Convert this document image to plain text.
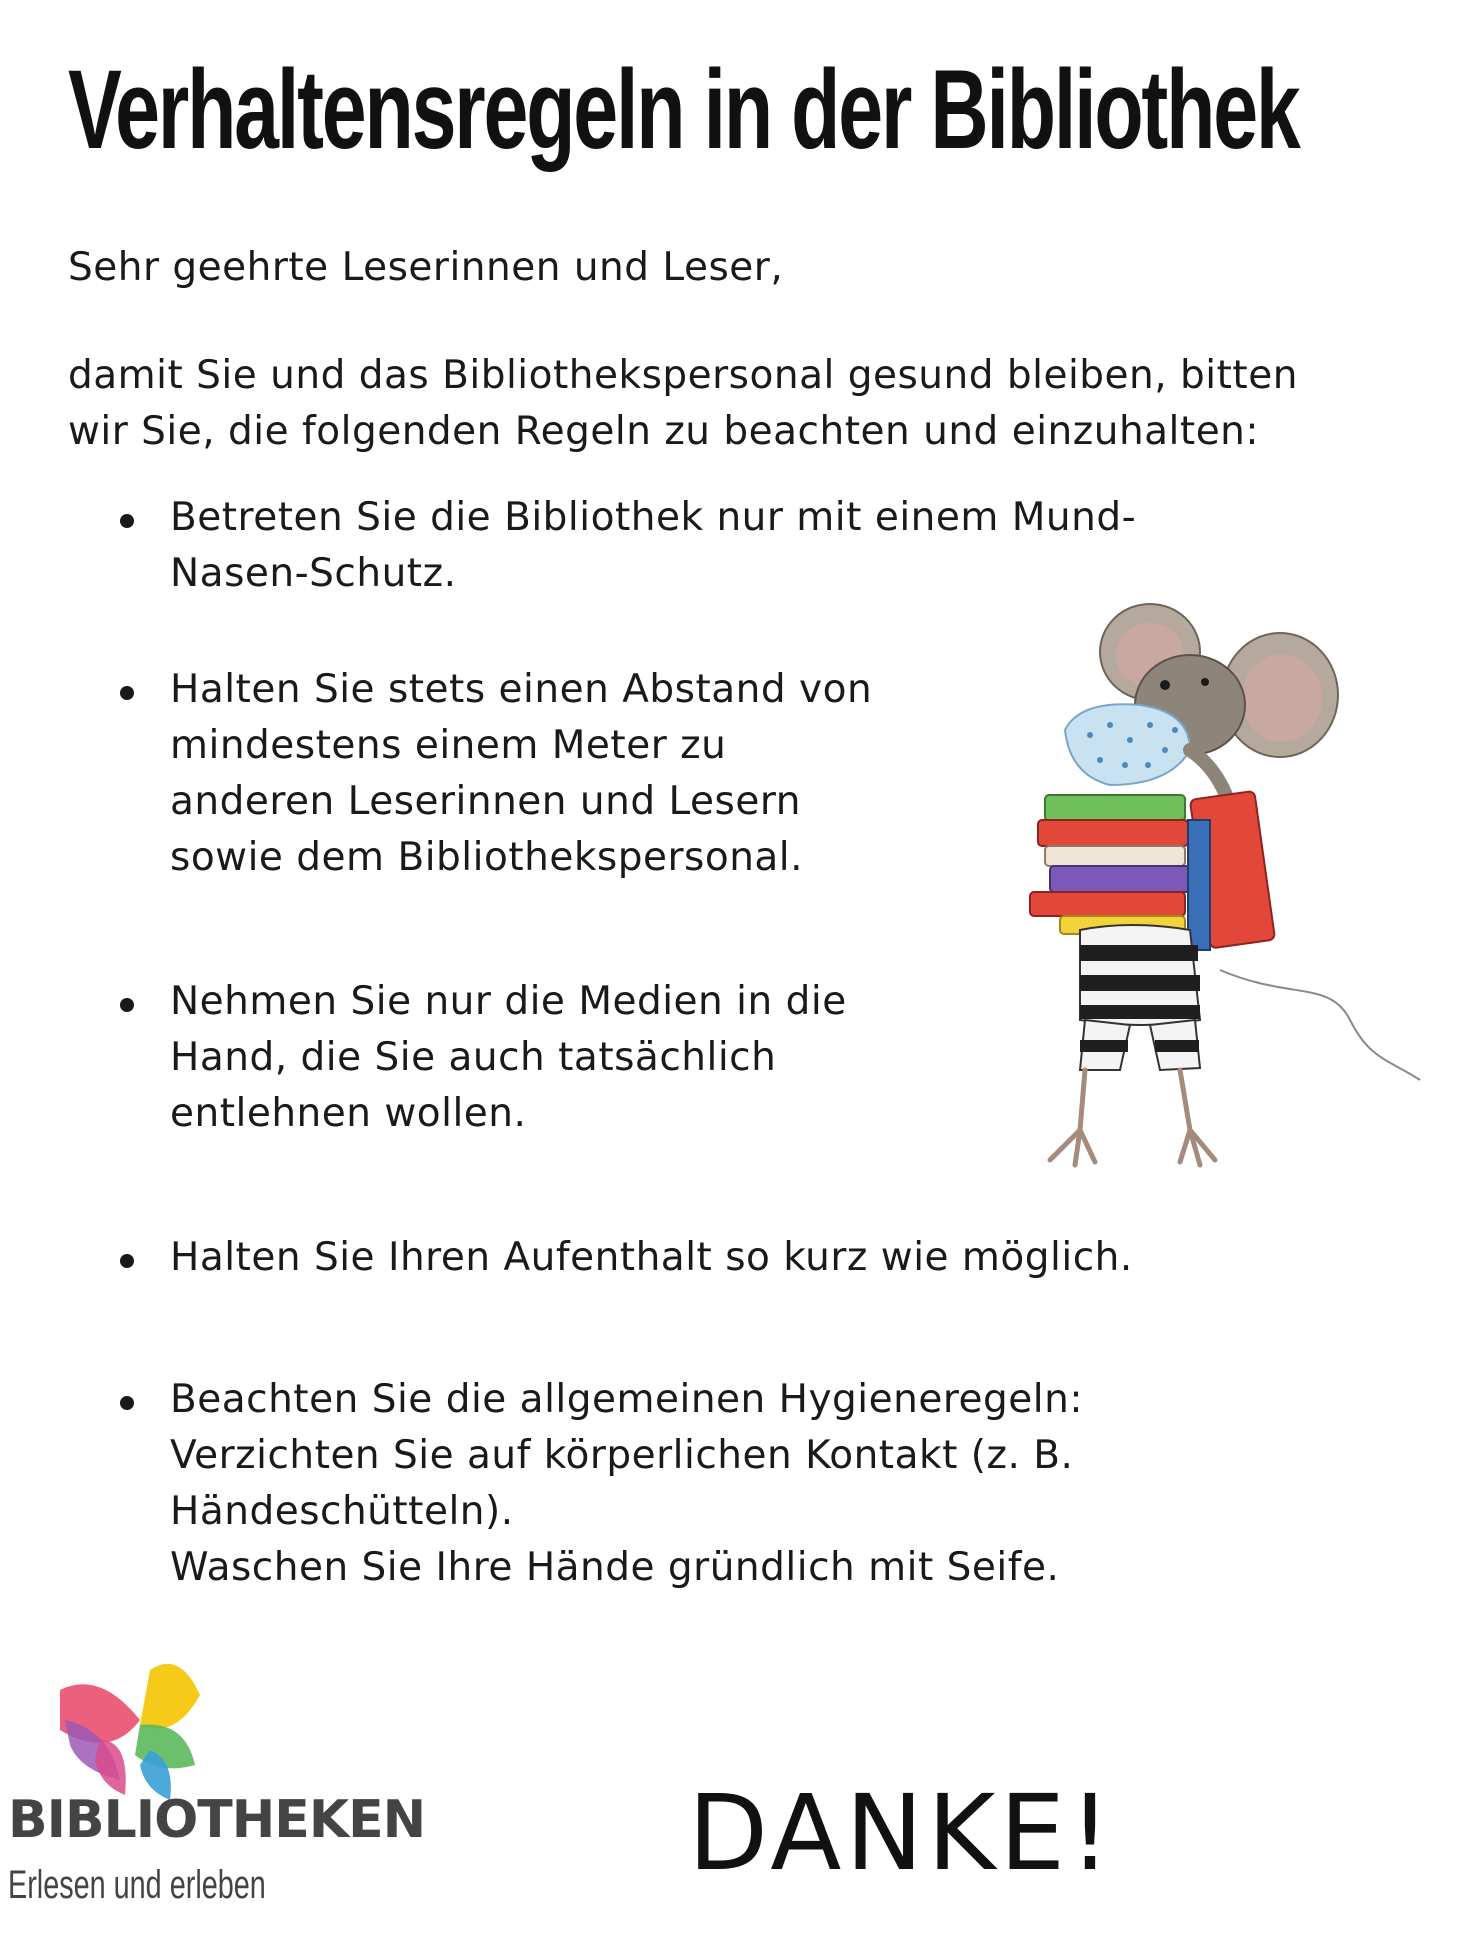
Verhaltensregeln in der Bibliothek
Sehr geehrte Leserinnen und Leser,
damit Sie und das Bibliothekspersonal gesund bleiben, bitten
wir Sie, die folgenden Regeln zu beachten und einzuhalten:
Betreten Sie die Bibliothek nur mit einem Mund-
Nasen-Schutz.
Halten Sie stets einen Abstand von
mindestens einem Meter zu
anderen Leserinnen und Lesern
sowie dem Bibliothekspersonal.
Nehmen Sie nur die Medien in die
Hand, die Sie auch tatsächlich
entlehnen wollen.
Halten Sie Ihren Aufenthalt so kurz wie möglich.
Beachten Sie die allgemeinen Hygieneregeln:
Verzichten Sie auf körperlichen Kontakt (z. B.
Händeschütteln).
Waschen Sie Ihre Hände gründlich mit Seife.
BIBLIOTHEKEN
Erlesen und erleben	DANKE!
